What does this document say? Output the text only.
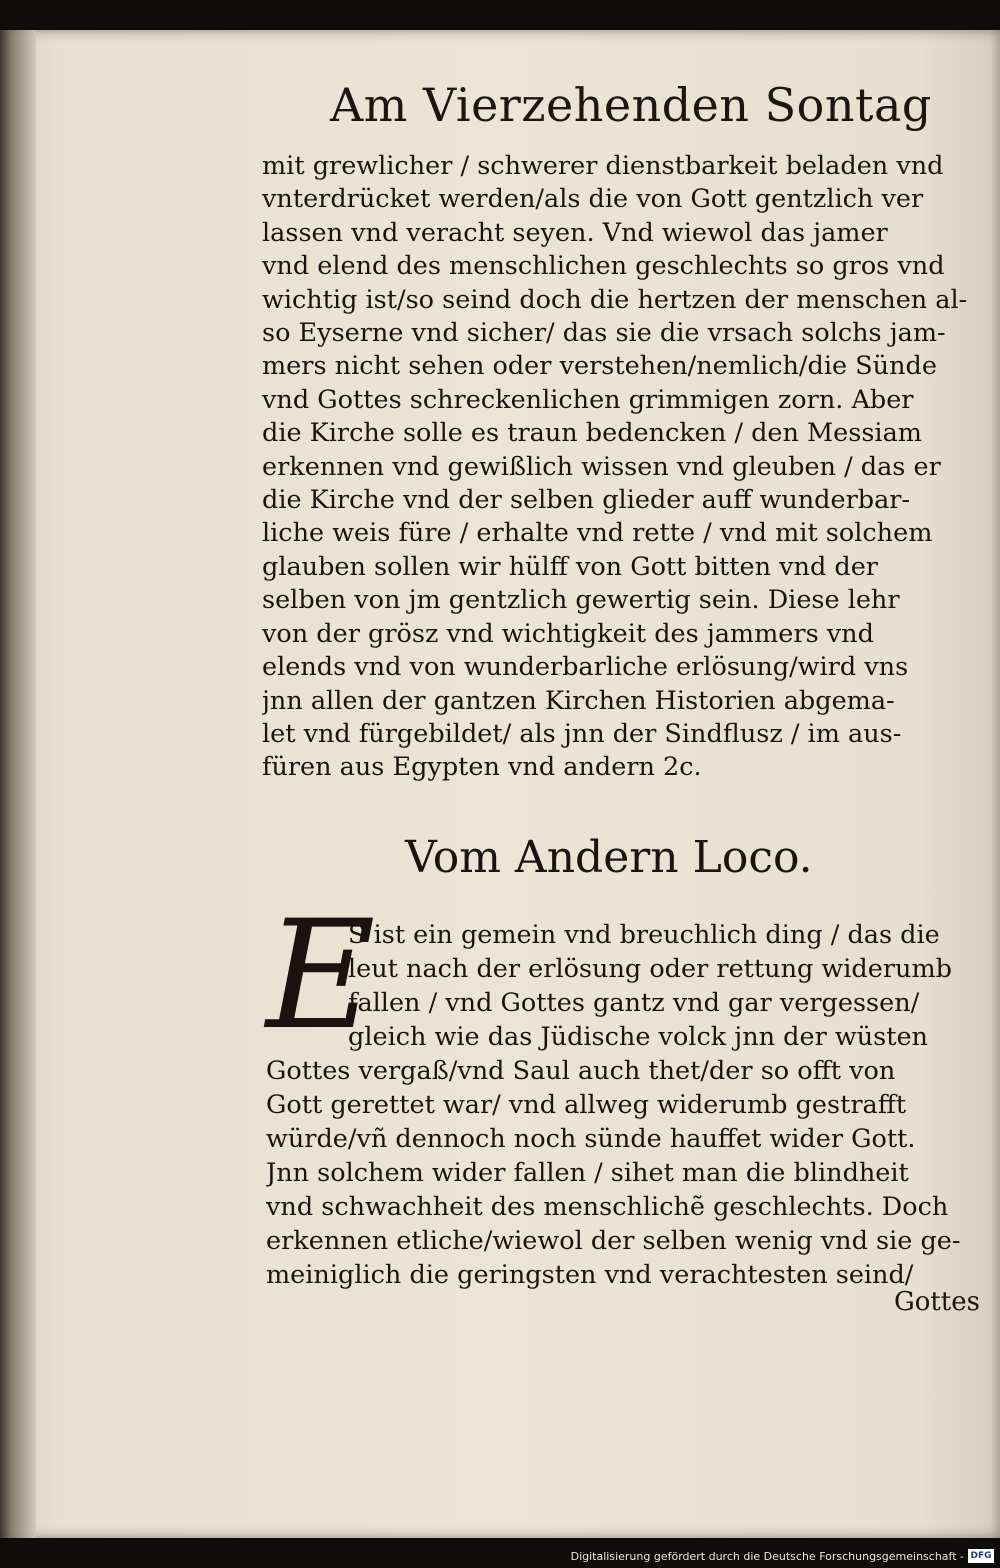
Am Vierzehenden Sontag
mit grewlicher / schwerer dienstbarkeit beladen vnd
vnterdrücket werden/als die von Gott gentzlich ver
lassen vnd veracht seyen. Vnd wiewol das jamer
vnd elend des menschlichen geschlechts so gros vnd
wichtig ist/so seind doch die hertzen der menschen al-
so Eyserne vnd sicher/ das sie die vrsach solchs jam-
mers nicht sehen oder verstehen/nemlich/die Sünde
vnd Gottes schreckenlichen grimmigen zorn. Aber
die Kirche solle es traun bedencken / den Messiam
erkennen vnd gewißlich wissen vnd gleuben / das er
die Kirche vnd der selben glieder auff wunderbar-
liche weis füre / erhalte vnd rette / vnd mit solchem
glauben sollen wir hülff von Gott bitten vnd der
selben von jm gentzlich gewertig sein. Diese lehr
von der grösz vnd wichtigkeit des jammers vnd
elends vnd von wunderbarliche erlösung/wird vns
jnn allen der gantzen Kirchen Historien abgema-
let vnd fürgebildet/ als jnn der Sindflusz / im aus-
füren aus Egypten vnd andern 2c.
Vom Andern Loco.
E
S ist ein gemein vnd breuchlich ding / das die
leut nach der erlösung oder rettung widerumb
fallen / vnd Gottes gantz vnd gar vergessen/
gleich wie das Jüdische volck jnn der wüsten
Gottes vergaß/vnd Saul auch thet/der so offt von
Gott gerettet war/ vnd allweg widerumb gestrafft
würde/vñ dennoch noch sünde hauffet wider Gott.
Jnn solchem wider fallen / sihet man die blindheit
vnd schwachheit des menschlichẽ geschlechts. Doch
erkennen etliche/wiewol der selben wenig vnd sie ge-
meiniglich die geringsten vnd verachtesten seind/
Gottes
Digitalisierung gefördert durch die Deutsche Forschungsgemeinschaft - DFG
